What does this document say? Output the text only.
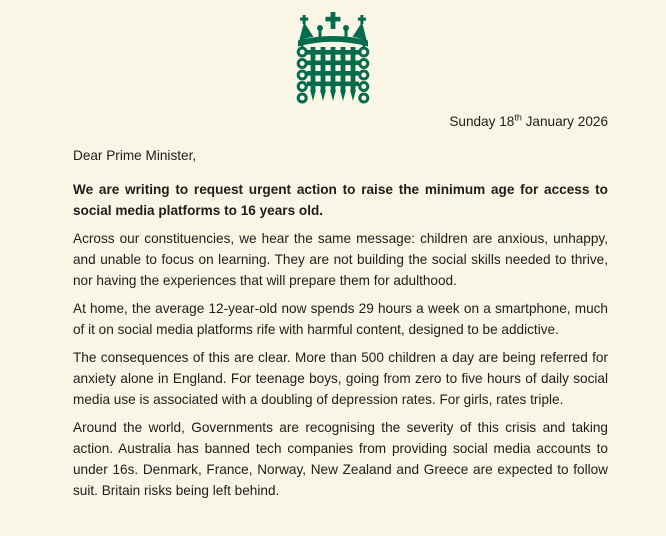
Sunday 18th January 2026

Dear Prime Minister,

We are writing to request urgent action to raise the minimum age for access to social media platforms to 16 years old.

Across our constituencies, we hear the same message: children are anxious, unhappy, and unable to focus on learning. They are not building the social skills needed to thrive, nor having the experiences that will prepare them for adulthood.

At home, the average 12-year-old now spends 29 hours a week on a smartphone, much of it on social media platforms rife with harmful content, designed to be addictive.

The consequences of this are clear. More than 500 children a day are being referred for anxiety alone in England. For teenage boys, going from zero to five hours of daily social media use is associated with a doubling of depression rates. For girls, rates triple.

Around the world, Governments are recognising the severity of this crisis and taking action. Australia has banned tech companies from providing social media accounts to under 16s. Denmark, France, Norway, New Zealand and Greece are expected to follow suit. Britain risks being left behind.
